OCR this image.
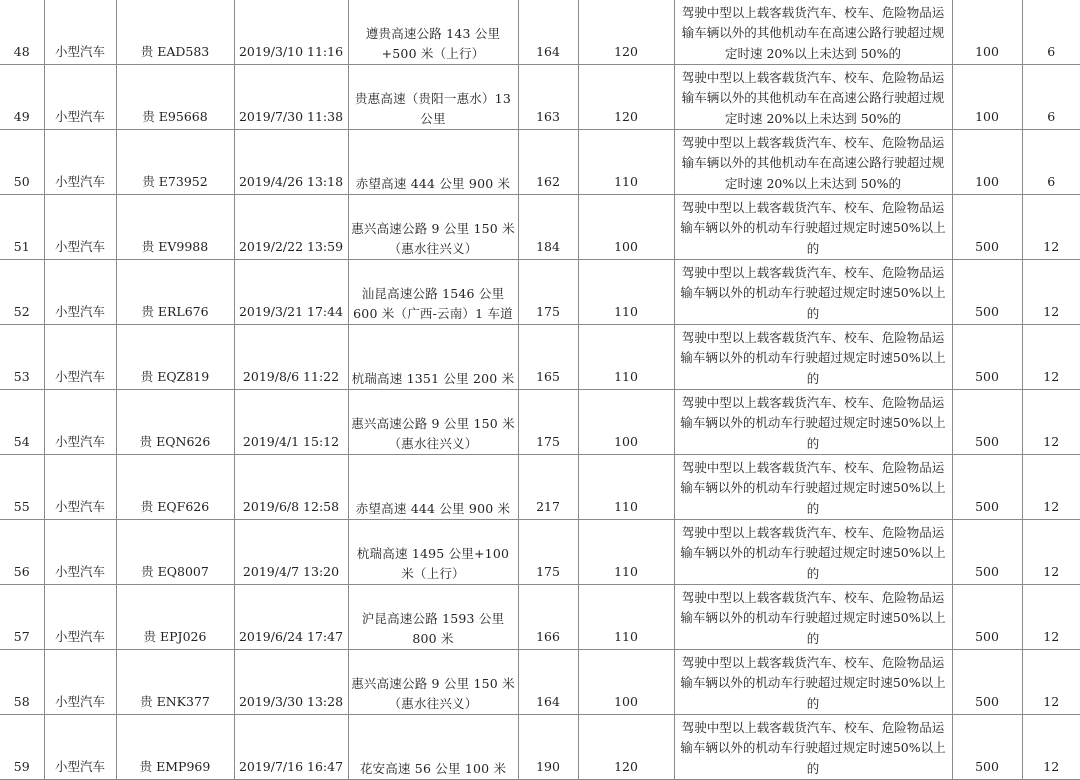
48	小型汽车	贵 EAD583	2019/3/10 11:16	遵贵高速公路 143 公里+500 米（上行）	164	120	驾驶中型以上载客载货汽车、校车、危险物品运输车辆以外的其他机动车在高速公路行驶超过规定时速 20%以上未达到 50%的	100	6
49	小型汽车	贵 E95668	2019/7/30 11:38	贵惠高速（贵阳一惠水）13 公里	163	120	驾驶中型以上载客载货汽车、校车、危险物品运输车辆以外的其他机动车在高速公路行驶超过规定时速 20%以上未达到 50%的	100	6
50	小型汽车	贵 E73952	2019/4/26 13:18	赤望高速 444 公里 900 米	162	110	驾驶中型以上载客载货汽车、校车、危险物品运输车辆以外的其他机动车在高速公路行驶超过规定时速 20%以上未达到 50%的	100	6
51	小型汽车	贵 EV9988	2019/2/22 13:59	惠兴高速公路 9 公里 150 米（惠水往兴义）	184	100	驾驶中型以上载客载货汽车、校车、危险物品运输车辆以外的机动车行驶超过规定时速50%以上的	500	12
52	小型汽车	贵 ERL676	2019/3/21 17:44	汕昆高速公路 1546 公里 600 米（广西-云南）1 车道	175	110	驾驶中型以上载客载货汽车、校车、危险物品运输车辆以外的机动车行驶超过规定时速50%以上的	500	12
53	小型汽车	贵 EQZ819	2019/8/6 11:22	杭瑞高速 1351 公里 200 米	165	110	驾驶中型以上载客载货汽车、校车、危险物品运输车辆以外的机动车行驶超过规定时速50%以上的	500	12
54	小型汽车	贵 EQN626	2019/4/1 15:12	惠兴高速公路 9 公里 150 米（惠水往兴义）	175	100	驾驶中型以上载客载货汽车、校车、危险物品运输车辆以外的机动车行驶超过规定时速50%以上的	500	12
55	小型汽车	贵 EQF626	2019/6/8 12:58	赤望高速 444 公里 900 米	217	110	驾驶中型以上载客载货汽车、校车、危险物品运输车辆以外的机动车行驶超过规定时速50%以上的	500	12
56	小型汽车	贵 EQ8007	2019/4/7 13:20	杭瑞高速 1495 公里+100 米（上行）	175	110	驾驶中型以上载客载货汽车、校车、危险物品运输车辆以外的机动车行驶超过规定时速50%以上的	500	12
57	小型汽车	贵 EPJ026	2019/6/24 17:47	沪昆高速公路 1593 公里 800 米	166	110	驾驶中型以上载客载货汽车、校车、危险物品运输车辆以外的机动车行驶超过规定时速50%以上的	500	12
58	小型汽车	贵 ENK377	2019/3/30 13:28	惠兴高速公路 9 公里 150 米（惠水往兴义）	164	100	驾驶中型以上载客载货汽车、校车、危险物品运输车辆以外的机动车行驶超过规定时速50%以上的	500	12
59	小型汽车	贵 EMP969	2019/7/16 16:47	花安高速 56 公里 100 米	190	120	驾驶中型以上载客载货汽车、校车、危险物品运输车辆以外的机动车行驶超过规定时速50%以上的	500	12
